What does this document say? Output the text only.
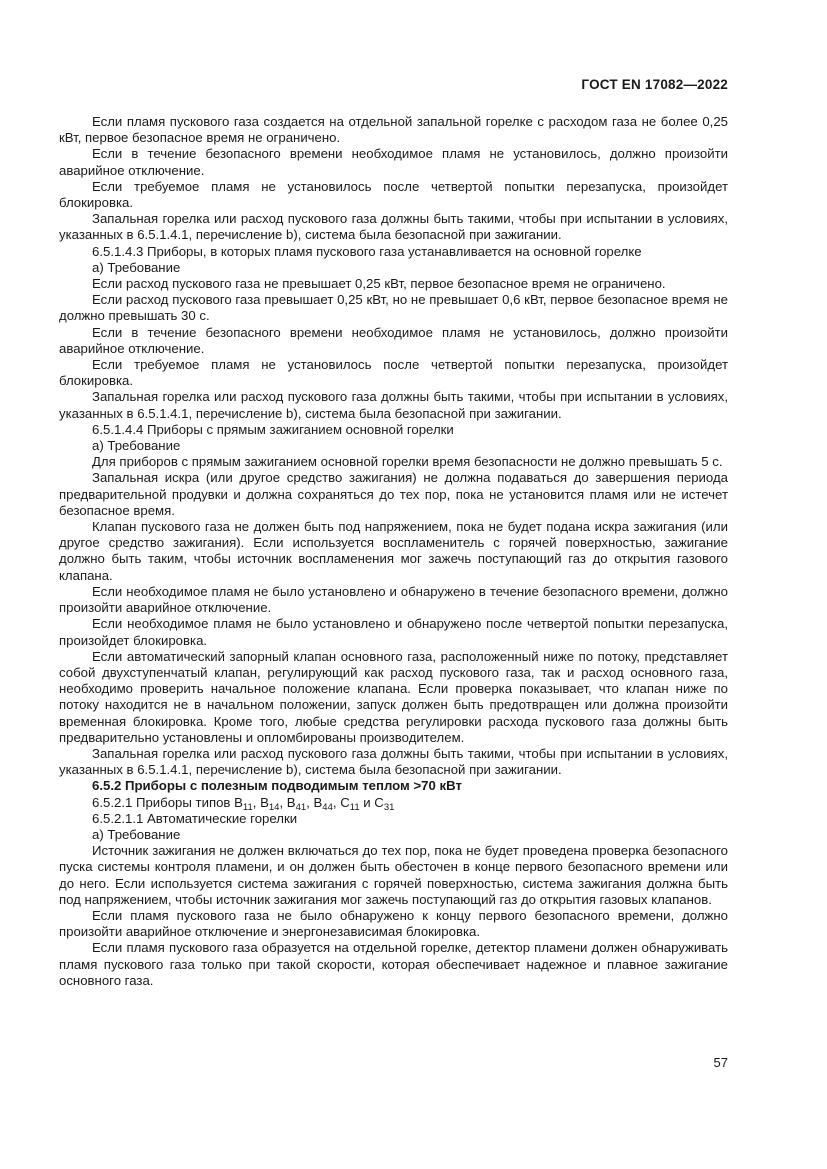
ГОСТ EN 17082—2022

Если пламя пускового газа создается на отдельной запальной горелке с расходом газа не более 0,25 кВт, первое безопасное время не ограничено.

Если в течение безопасного времени необходимое пламя не установилось, должно произойти аварийное отключение.

Если требуемое пламя не установилось после четвертой попытки перезапуска, произойдет блокировка.

Запальная горелка или расход пускового газа должны быть такими, чтобы при испытании в условиях, указанных в 6.5.1.4.1, перечисление b), система была безопасной при зажигании.

6.5.1.4.3 Приборы, в которых пламя пускового газа устанавливается на основной горелке

а) Требование

Если расход пускового газа не превышает 0,25 кВт, первое безопасное время не ограничено.

Если расход пускового газа превышает 0,25 кВт, но не превышает 0,6 кВт, первое безопасное время не должно превышать 30 с.

Если в течение безопасного времени необходимое пламя не установилось, должно произойти аварийное отключение.

Если требуемое пламя не установилось после четвертой попытки перезапуска, произойдет блокировка.

Запальная горелка или расход пускового газа должны быть такими, чтобы при испытании в условиях, указанных в 6.5.1.4.1, перечисление b), система была безопасной при зажигании.

6.5.1.4.4 Приборы с прямым зажиганием основной горелки

а) Требование

Для приборов с прямым зажиганием основной горелки время безопасности не должно превышать 5 с.

Запальная искра (или другое средство зажигания) не должна подаваться до завершения периода предварительной продувки и должна сохраняться до тех пор, пока не установится пламя или не истечет безопасное время.

Клапан пускового газа не должен быть под напряжением, пока не будет подана искра зажигания (или другое средство зажигания). Если используется воспламенитель с горячей поверхностью, зажигание должно быть таким, чтобы источник воспламенения мог зажечь поступающий газ до открытия газового клапана.

Если необходимое пламя не было установлено и обнаружено в течение безопасного времени, должно произойти аварийное отключение.

Если необходимое пламя не было установлено и обнаружено после четвертой попытки перезапуска, произойдет блокировка.

Если автоматический запорный клапан основного газа, расположенный ниже по потоку, представляет собой двухступенчатый клапан, регулирующий как расход пускового газа, так и расход основного газа, необходимо проверить начальное положение клапана. Если проверка показывает, что клапан ниже по потоку находится не в начальном положении, запуск должен быть предотвращен или должна произойти временная блокировка. Кроме того, любые средства регулировки расхода пускового газа должны быть предварительно установлены и опломбированы производителем.

Запальная горелка или расход пускового газа должны быть такими, чтобы при испытании в условиях, указанных в 6.5.1.4.1, перечисление b), система была безопасной при зажигании.

6.5.2 Приборы с полезным подводимым теплом >70 кВт

6.5.2.1 Приборы типов $B_{11}$, $B_{14}$, $B_{41}$, $B_{44}$, $C_{11}$ и $C_{31}$

6.5.2.1.1 Автоматические горелки

а) Требование

Источник зажигания не должен включаться до тех пор, пока не будет проведена проверка безопасного пуска системы контроля пламени, и он должен быть обесточен в конце первого безопасного времени или до него. Если используется система зажигания с горячей поверхностью, система зажигания должна быть под напряжением, чтобы источник зажигания мог зажечь поступающий газ до открытия газовых клапанов.

Если пламя пускового газа не было обнаружено к концу первого безопасного времени, должно произойти аварийное отключение и энергонезависимая блокировка.

Если пламя пускового газа образуется на отдельной горелке, детектор пламени должен обнаруживать пламя пускового газа только при такой скорости, которая обеспечивает надежное и плавное зажигание основного газа.

57
